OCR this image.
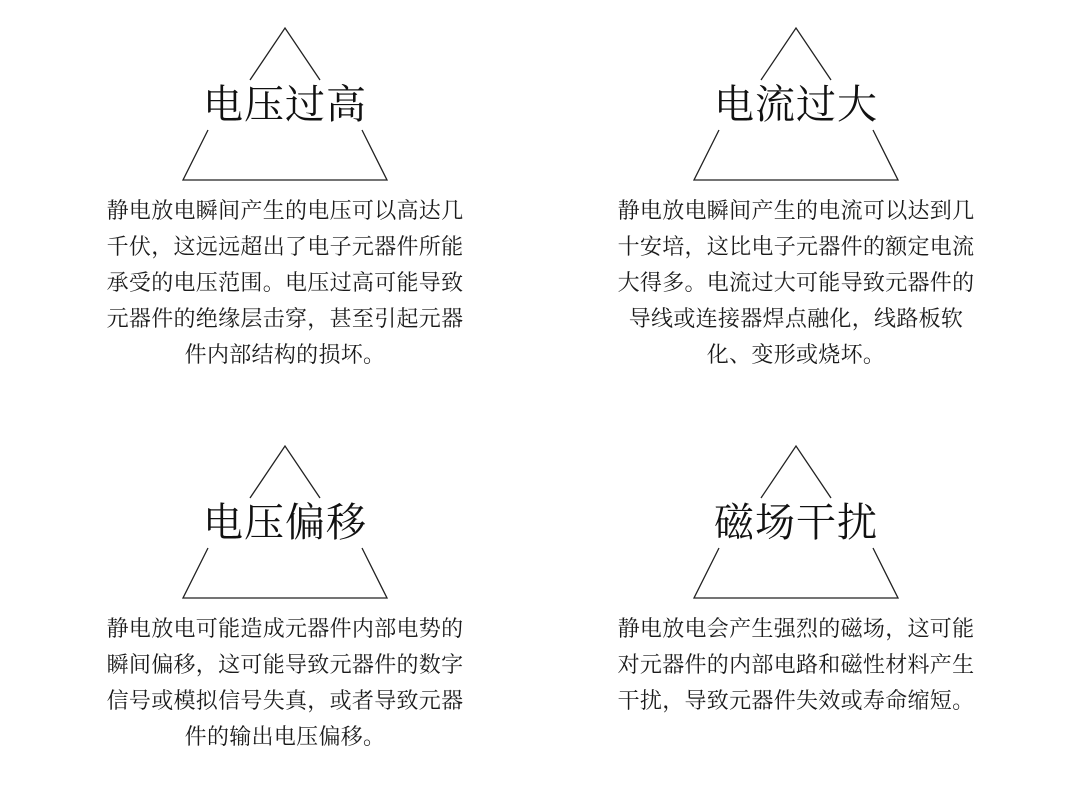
电压过高
静电放电瞬间产生的电压可以高达几
千伏，这远远超出了电子元器件所能
承受的电压范围。电压过高可能导致
元器件的绝缘层击穿，甚至引起元器
件内部结构的损坏。
电流过大
静电放电瞬间产生的电流可以达到几
十安培，这比电子元器件的额定电流
大得多。电流过大可能导致元器件的
导线或连接器焊点融化，线路板软
化、变形或烧坏。
电压偏移
静电放电可能造成元器件内部电势的
瞬间偏移，这可能导致元器件的数字
信号或模拟信号失真，或者导致元器
件的输出电压偏移。
磁场干扰
静电放电会产生强烈的磁场，这可能
对元器件的内部电路和磁性材料产生
干扰，导致元器件失效或寿命缩短。
